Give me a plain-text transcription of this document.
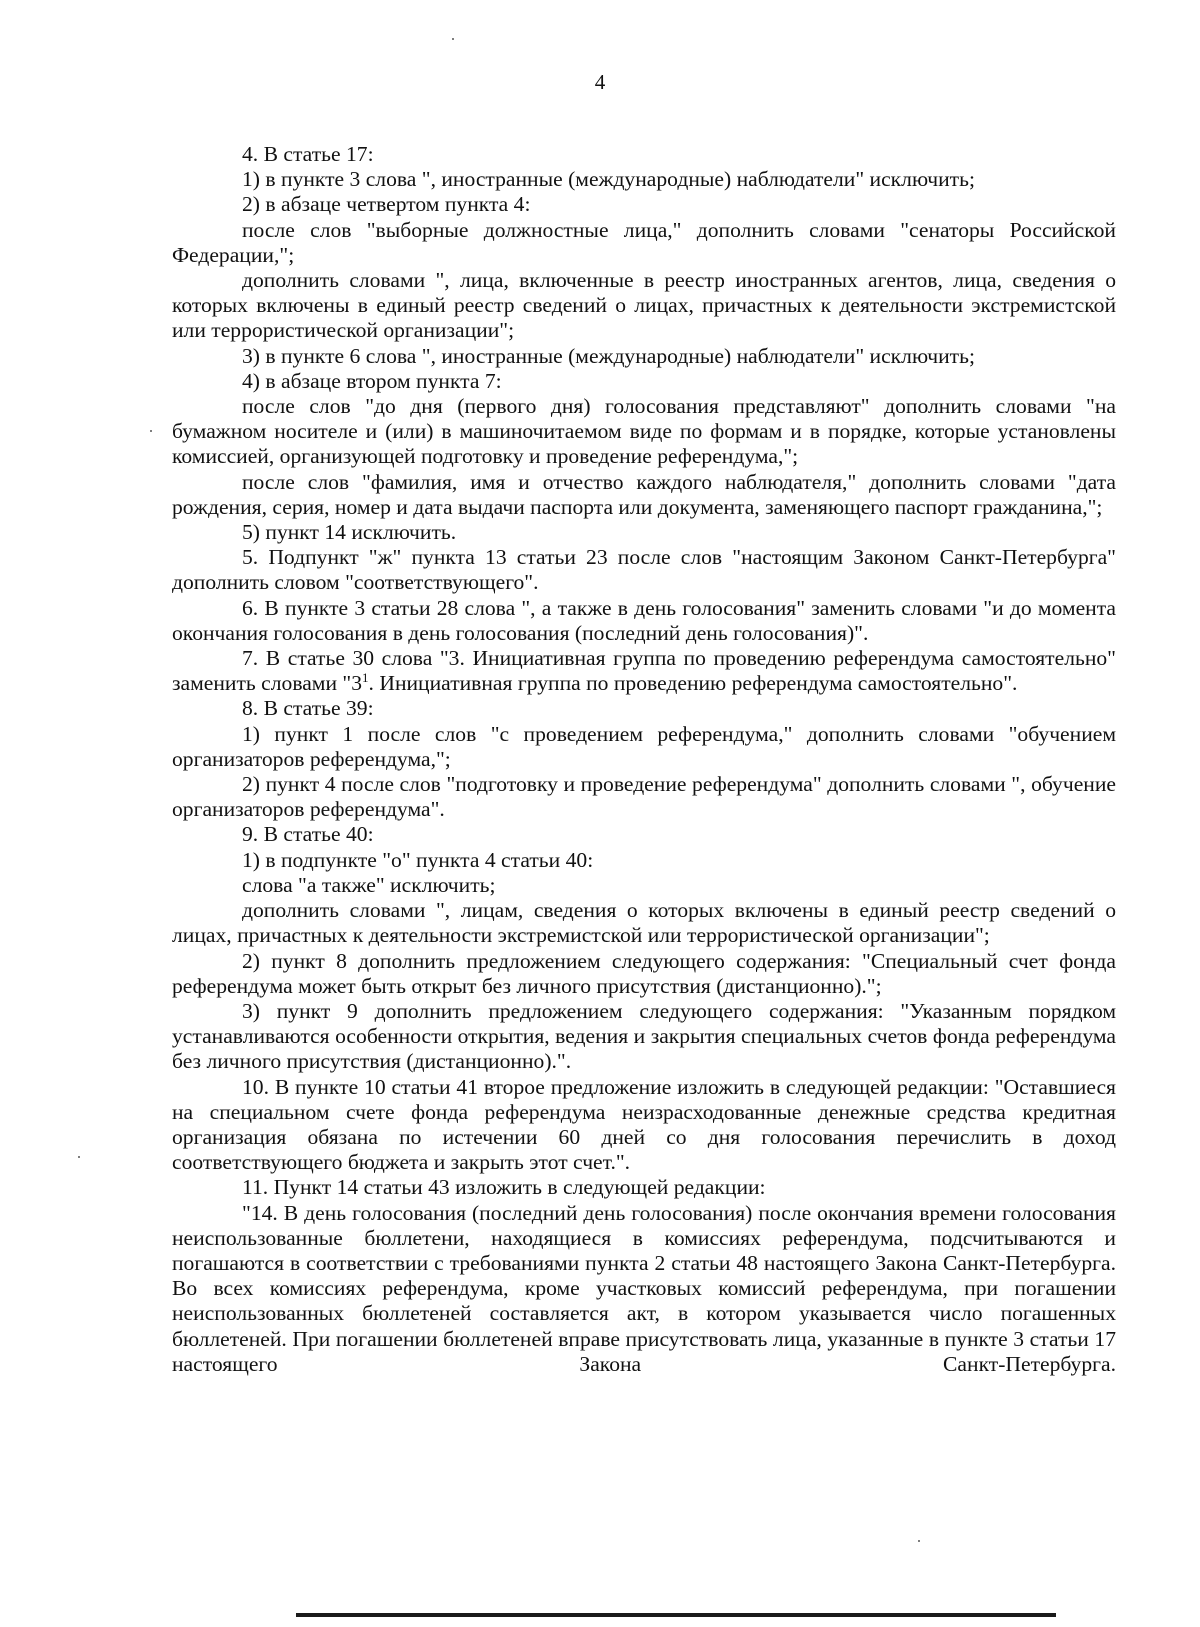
4

4. В статье 17:

1) в пункте 3 слова ", иностранные (международные) наблюдатели" исключить;

2) в абзаце четвертом пункта 4:

после слов "выборные должностные лица," дополнить словами "сенаторы Российской Федерации,";

дополнить словами ", лица, включенные в реестр иностранных агентов, лица, сведения о которых включены в единый реестр сведений о лицах, причастных к деятельности экстремистской или террористической организации";

3) в пункте 6 слова ", иностранные (международные) наблюдатели" исключить;

4) в абзаце втором пункта 7:

после слов "до дня (первого дня) голосования представляют" дополнить словами "на бумажном носителе и (или) в машиночитаемом виде по формам и в порядке, которые установлены комиссией, организующей подготовку и проведение референдума,";

после слов "фамилия, имя и отчество каждого наблюдателя," дополнить словами "дата рождения, серия, номер и дата выдачи паспорта или документа, заменяющего паспорт гражданина,";

5) пункт 14 исключить.

5. Подпункт "ж" пункта 13 статьи 23 после слов "настоящим Законом Санкт-Петербурга" дополнить словом "соответствующего".

6. В пункте 3 статьи 28 слова ", а также в день голосования" заменить словами "и до момента окончания голосования в день голосования (последний день голосования)".

7. В статье 30 слова "3. Инициативная группа по проведению референдума самостоятельно" заменить словами "$3^1$. Инициативная группа по проведению референдума самостоятельно".

8. В статье 39:

1) пункт 1 после слов "с проведением референдума," дополнить словами "обучением организаторов референдума,";

2) пункт 4 после слов "подготовку и проведение референдума" дополнить словами ", обучение организаторов референдума".

9. В статье 40:

1) в подпункте "о" пункта 4 статьи 40:

слова "а также" исключить;

дополнить словами ", лицам, сведения о которых включены в единый реестр сведений о лицах, причастных к деятельности экстремистской или террористической организации";

2) пункт 8 дополнить предложением следующего содержания: "Специальный счет фонда референдума может быть открыт без личного присутствия (дистанционно).";

3) пункт 9 дополнить предложением следующего содержания: "Указанным порядком устанавливаются особенности открытия, ведения и закрытия специальных счетов фонда референдума без личного присутствия (дистанционно).".

10. В пункте 10 статьи 41 второе предложение изложить в следующей редакции: "Оставшиеся на специальном счете фонда референдума неизрасходованные денежные средства кредитная организация обязана по истечении 60 дней со дня голосования перечислить в доход соответствующего бюджета и закрыть этот счет.".

11. Пункт 14 статьи 43 изложить в следующей редакции:

"14. В день голосования (последний день голосования) после окончания времени голосования неиспользованные бюллетени, находящиеся в комиссиях референдума, подсчитываются и погашаются в соответствии с требованиями пункта 2 статьи 48 настоящего Закона Санкт-Петербурга. Во всех комиссиях референдума, кроме участковых комиссий референдума, при погашении неиспользованных бюллетеней составляется акт, в котором указывается число погашенных бюллетеней. При погашении бюллетеней вправе присутствовать лица, указанные в пункте 3 статьи 17 настоящего Закона Санкт-Петербурга.
